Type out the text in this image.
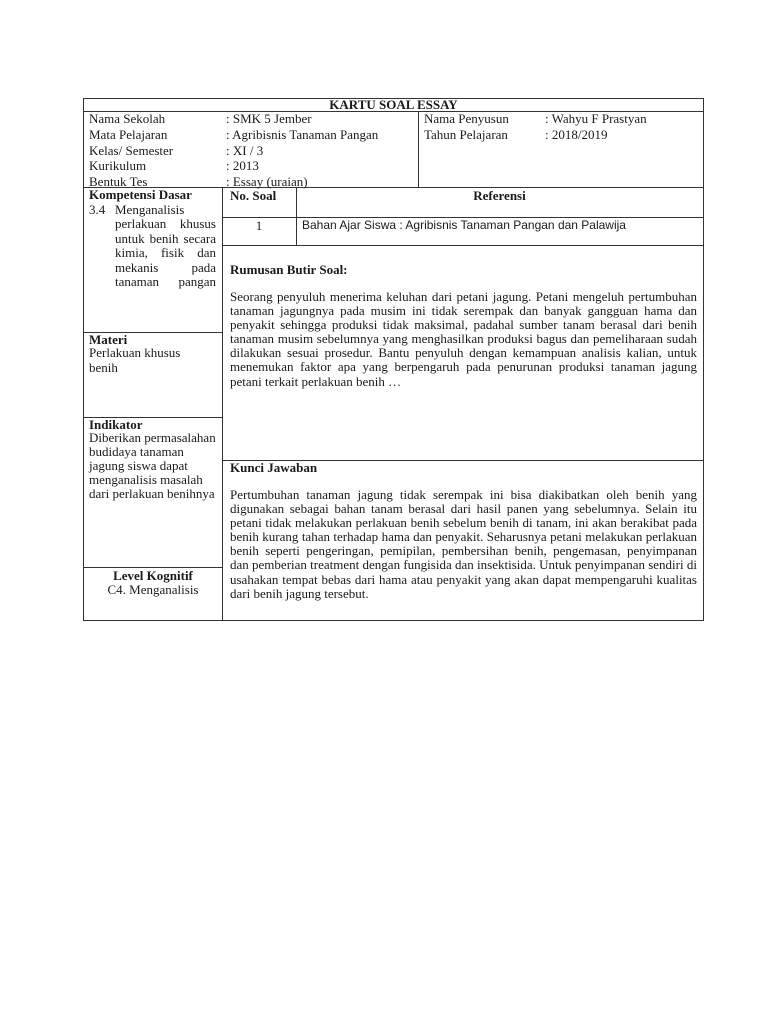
KARTU SOAL ESSAY
Nama Sekolah	: SMK 5 Jember
Mata Pelajaran	: Agribisnis Tanaman Pangan
Kelas/ Semester	: XI / 3
Kurikulum	: 2013
Bentuk Tes	: Essay (uraian)
Nama Penyusun	: Wahyu F Prastyan
Tahun Pelajaran	: 2018/2019
Kompetensi Dasar
3.4 Menganalisis
perlakuan khusus untuk benih secara kimia, fisik dan mekanis pada tanaman pangan
Materi
Perlakuan khusus benih
Indikator
Diberikan permasalahan budidaya tanaman jagung siswa dapat menganalisis masalah dari perlakuan benihnya
Level Kognitif
C4. Menganalisis
No. Soal	Referensi
1	Bahan Ajar Siswa : Agribisnis Tanaman Pangan dan Palawija
Rumusan Butir Soal:
Seorang penyuluh menerima keluhan dari petani jagung. Petani mengeluh pertumbuhan tanaman jagungnya pada musim ini tidak serempak dan banyak gangguan hama dan penyakit sehingga produksi tidak maksimal, padahal sumber tanam berasal dari benih tanaman musim sebelumnya yang menghasilkan produksi bagus dan pemeliharaan sudah dilakukan sesuai prosedur. Bantu penyuluh dengan kemampuan analisis kalian, untuk menemukan faktor apa yang berpengaruh pada penurunan produksi tanaman jagung petani terkait perlakuan benih …
Kunci Jawaban
Pertumbuhan tanaman jagung tidak serempak ini bisa diakibatkan oleh benih yang digunakan sebagai bahan tanam berasal dari hasil panen yang sebelumnya. Selain itu petani tidak melakukan perlakuan benih sebelum benih di tanam, ini akan berakibat pada benih kurang tahan terhadap hama dan penyakit. Seharusnya petani melakukan perlakuan benih seperti pengeringan, pemipilan, pembersihan benih, pengemasan, penyimpanan dan pemberian treatment dengan fungisida dan insektisida. Untuk penyimpanan sendiri di usahakan tempat bebas dari hama atau penyakit yang akan dapat mempengaruhi kualitas dari benih jagung tersebut.
